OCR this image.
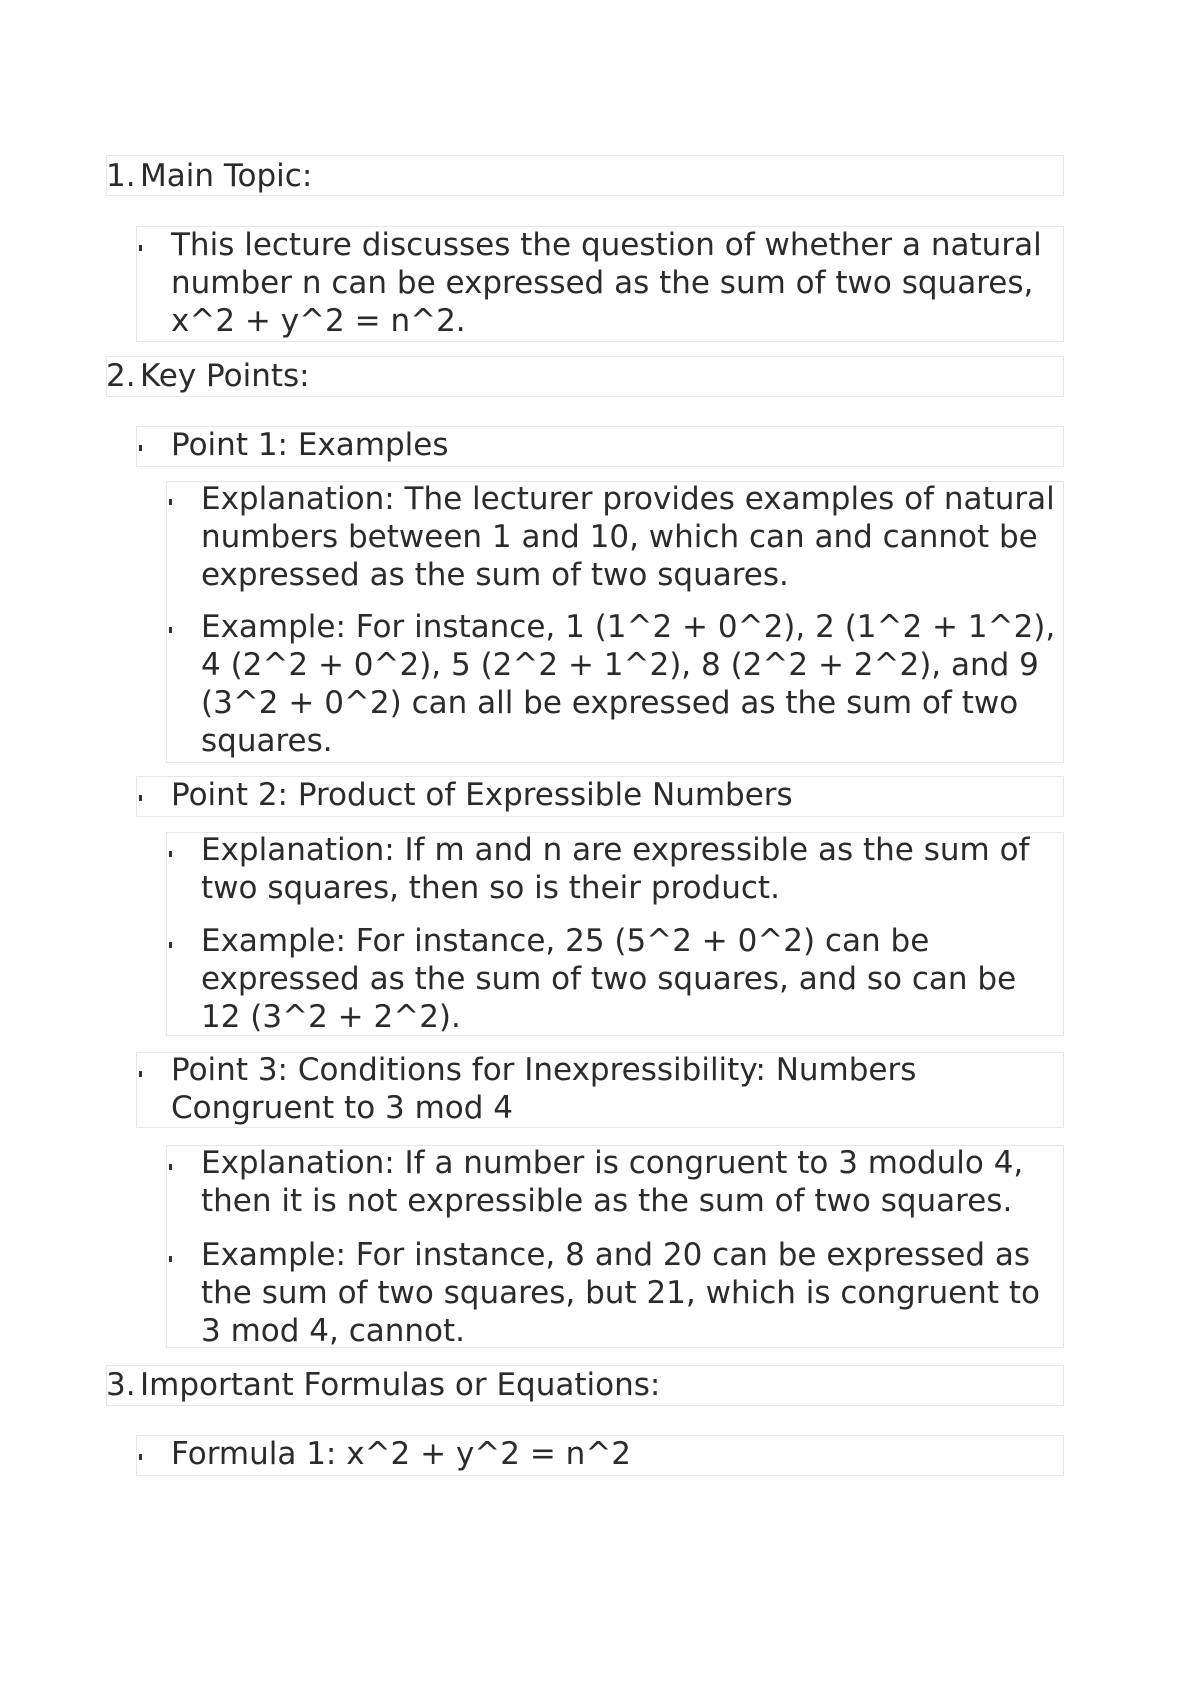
1. Main Topic:
This lecture discusses the question of whether a natural number n can be expressed as the sum of two squares, x^2 + y^2 = n^2.
2. Key Points:
Point 1: Examples
Explanation: The lecturer provides examples of natural numbers between 1 and 10, which can and cannot be expressed as the sum of two squares.
Example: For instance, 1 (1^2 + 0^2), 2 (1^2 + 1^2), 4 (2^2 + 0^2), 5 (2^2 + 1^2), 8 (2^2 + 2^2), and 9 (3^2 + 0^2) can all be expressed as the sum of two squares.
Point 2: Product of Expressible Numbers
Explanation: If m and n are expressible as the sum of two squares, then so is their product.
Example: For instance, 25 (5^2 + 0^2) can be expressed as the sum of two squares, and so can be 12 (3^2 + 2^2).
Point 3: Conditions for Inexpressibility: Numbers Congruent to 3 mod 4
Explanation: If a number is congruent to 3 modulo 4, then it is not expressible as the sum of two squares.
Example: For instance, 8 and 20 can be expressed as the sum of two squares, but 21, which is congruent to 3 mod 4, cannot.
3. Important Formulas or Equations:
Formula 1: x^2 + y^2 = n^2
